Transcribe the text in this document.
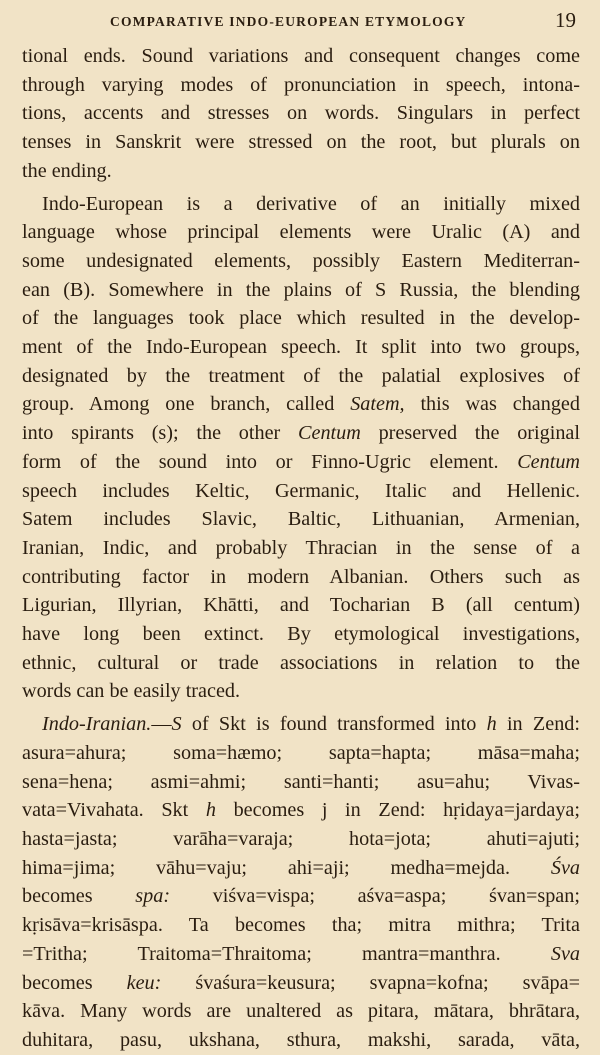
COMPARATIVE INDO-EUROPEAN ETYMOLOGY	19
tional ends. Sound variations and consequent changes come
through varying modes of pronunciation in speech, intona-
tions, accents and stresses on words. Singulars in perfect
tenses in Sanskrit were stressed on the root, but plurals on
the ending.
Indo-European is a derivative of an initially mixed
language whose principal elements were Uralic (A) and
some undesignated elements, possibly Eastern Mediterran-
ean (B). Somewhere in the plains of S Russia, the blending
of the languages took place which resulted in the develop-
ment of the Indo-European speech. It split into two groups,
designated by the treatment of the palatial explosives of
group. Among one branch, called Satem, this was changed
into spirants (s); the other Centum preserved the original
form of the sound into or Finno-Ugric element. Centum
speech includes Keltic, Germanic, Italic and Hellenic.
Satem includes Slavic, Baltic, Lithuanian, Armenian,
Iranian, Indic, and probably Thracian in the sense of a
contributing factor in modern Albanian. Others such as
Ligurian, Illyrian, Khātti, and Tocharian B (all centum)
have long been extinct. By etymological investigations,
ethnic, cultural or trade associations in relation to the
words can be easily traced.
Indo-Iranian.—S of Skt is found transformed into h in Zend:
asura=ahura; soma=hæmo; sapta=hapta; māsa=maha;
sena=hena; asmi=ahmi; santi=hanti; asu=ahu; Vivas-
vata=Vivahata. Skt h becomes j in Zend: hṛidaya=jardaya;
hasta=jasta; varāha=varaja; hota=jota; ahuti=ajuti;
hima=jima; vāhu=vaju; ahi=aji; medha=mejda. Śva
becomes spa: viśva=vispa; aśva=aspa; śvan=span;
kṛisāva=krisāspa. Ta becomes tha; mitra mithra; Trita
=Tritha; Traitoma=Thraitoma; mantra=manthra. Sva
becomes keu: śvaśura=keusura; svapna=kofna; svāpa=
kāva. Many words are unaltered as pitara, mātara, bhrātara,
duhitara, pasu, ukshana, sthura, makshi, sarada, vāta,
